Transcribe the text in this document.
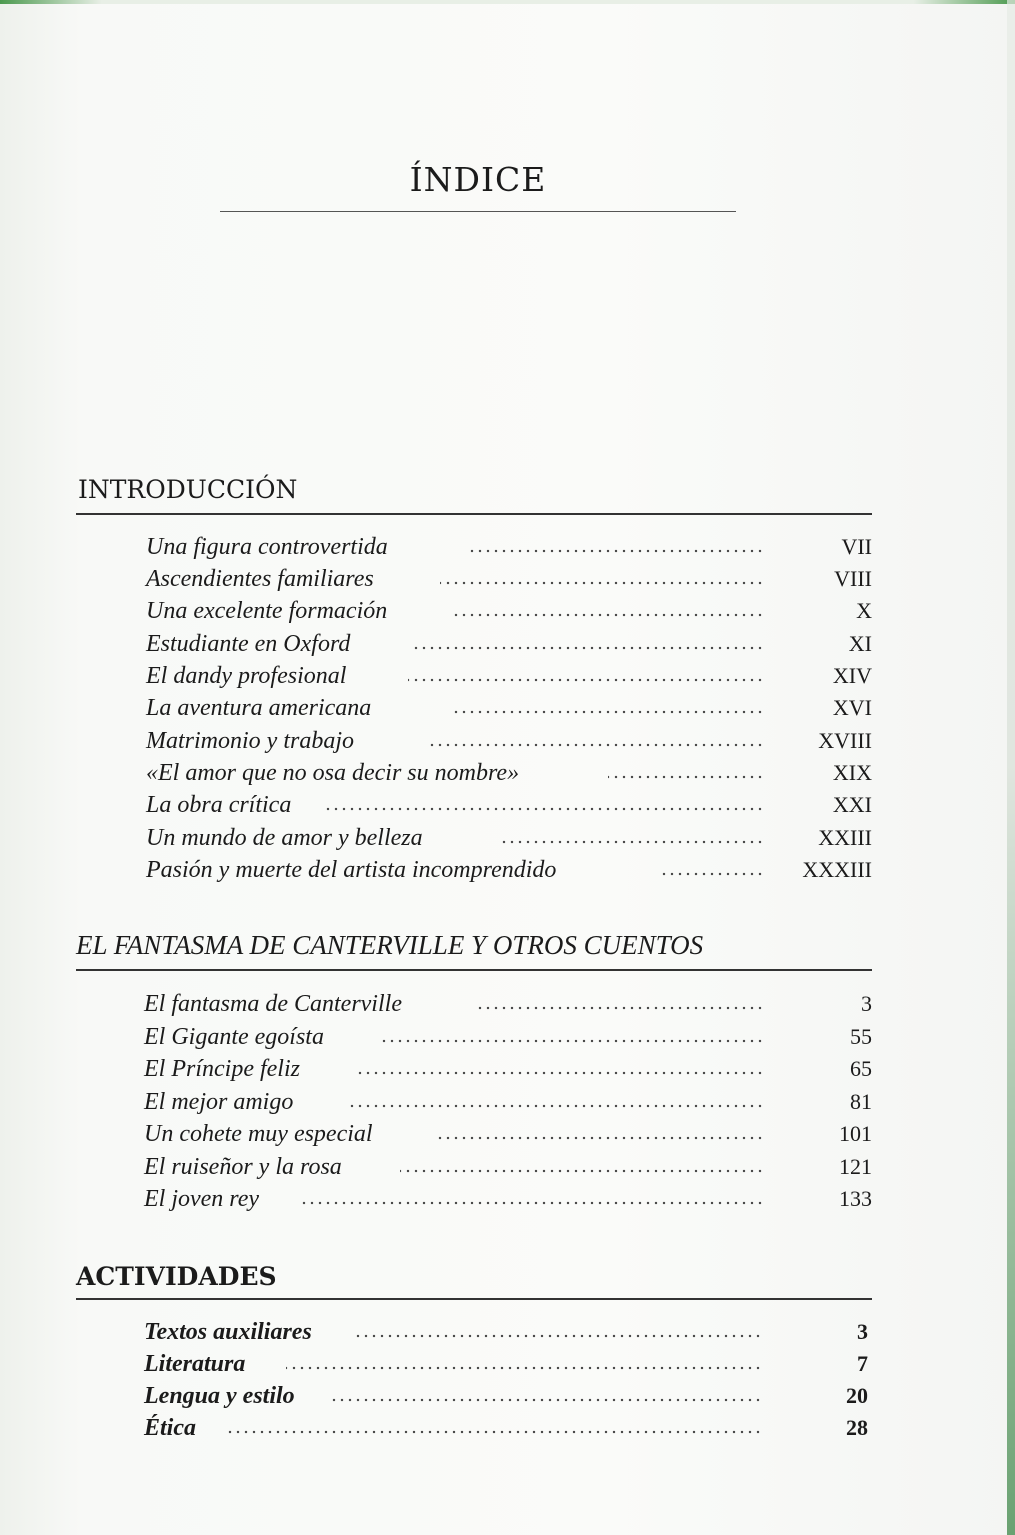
ÍNDICE
INTRODUCCIÓN
Una figura controvertida	VII
Ascendientes familiares	VIII
Una excelente formación	X
Estudiante en Oxford	XI
El dandy profesional	XIV
La aventura americana	XVI
Matrimonio y trabajo	XVIII
«El amor que no osa decir su nombre»	XIX
La obra crítica	XXI
Un mundo de amor y belleza	XXIII
Pasión y muerte del artista incomprendido	XXXIII
EL FANTASMA DE CANTERVILLE Y OTROS CUENTOS
El fantasma de Canterville	3
El Gigante egoísta	55
El Príncipe feliz	65
El mejor amigo	81
Un cohete muy especial	101
El ruiseñor y la rosa	121
El joven rey	133
ACTIVIDADES
Textos auxiliares	3
Literatura	7
Lengua y estilo	20
Ética	28
